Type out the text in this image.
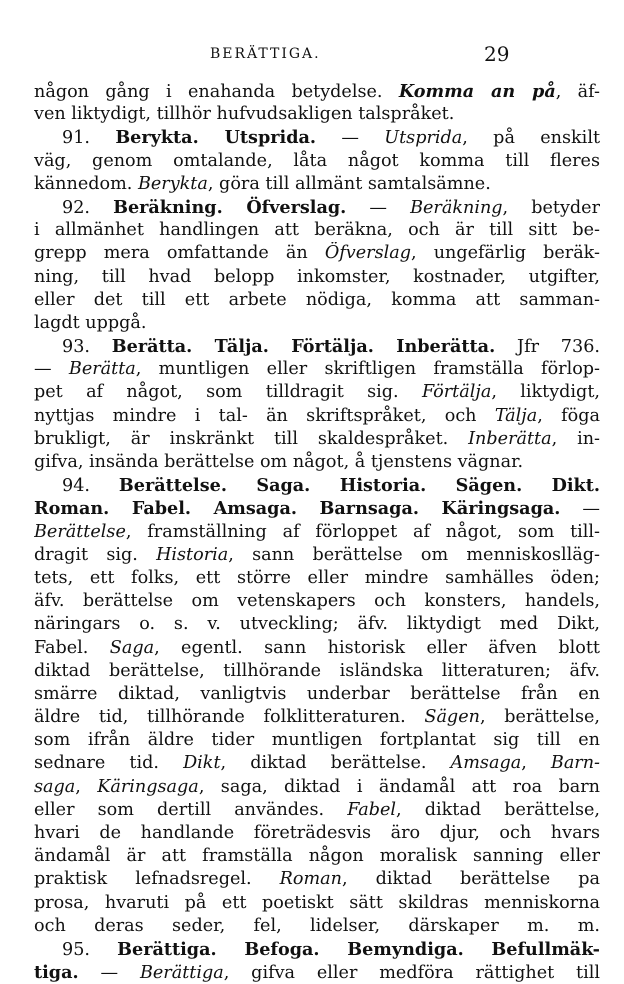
BERÄTTIGA.	29
någon gång i enahanda betydelse. Komma an på, äf-
ven liktydigt, tillhör hufvudsakligen talspråket.
91. Berykta. Utsprida. — Utsprida, på enskilt
väg, genom omtalande, låta något komma till fleres
kännedom. Berykta, göra till allmänt samtalsämne.
92. Beräkning. Öfverslag. — Beräkning, betyder
i allmänhet handlingen att beräkna, och är till sitt be-
grepp mera omfattande än Öfverslag, ungefärlig beräk-
ning, till hvad belopp inkomster, kostnader, utgifter,
eller det till ett arbete nödiga, komma att samman-
lagdt uppgå.
93. Berätta. Tälja. Förtälja. Inberätta. Jfr 736.
— Berätta, muntligen eller skriftligen framställa förlop-
pet af något, som tilldragit sig. Förtälja, liktydigt,
nyttjas mindre i tal- än skriftspråket, och Tälja, föga
brukligt, är inskränkt till skaldespråket. Inberätta, in-
gifva, insända berättelse om något, å tjenstens vägnar.
94. Berättelse. Saga. Historia. Sägen. Dikt.
Roman. Fabel. Amsaga. Barnsaga. Käringsaga. —
Berättelse, framställning af förloppet af något, som till-
dragit sig. Historia, sann berättelse om menniskoslläg-
tets, ett folks, ett större eller mindre samhälles öden;
äfv. berättelse om vetenskapers och konsters, handels,
näringars o. s. v. utveckling; äfv. liktydigt med Dikt,
Fabel. Saga, egentl. sann historisk eller äfven blott
diktad berättelse, tillhörande isländska litteraturen; äfv.
smärre diktad, vanligtvis underbar berättelse från en
äldre tid, tillhörande folklitteraturen. Sägen, berättelse,
som ifrån äldre tider muntligen fortplantat sig till en
sednare tid. Dikt, diktad berättelse. Amsaga, Barn-
saga, Käringsaga, saga, diktad i ändamål att roa barn
eller som dertill användes. Fabel, diktad berättelse,
hvari de handlande företrädesvis äro djur, och hvars
ändamål är att framställa någon moralisk sanning eller
praktisk lefnadsregel. Roman, diktad berättelse pa
prosa, hvaruti på ett poetiskt sätt skildras menniskorna
och deras seder, fel, lidelser, därskaper m. m.
95. Berättiga. Befoga. Bemyndiga. Befullmäk-
tiga. — Berättiga, gifva eller medföra rättighet till
